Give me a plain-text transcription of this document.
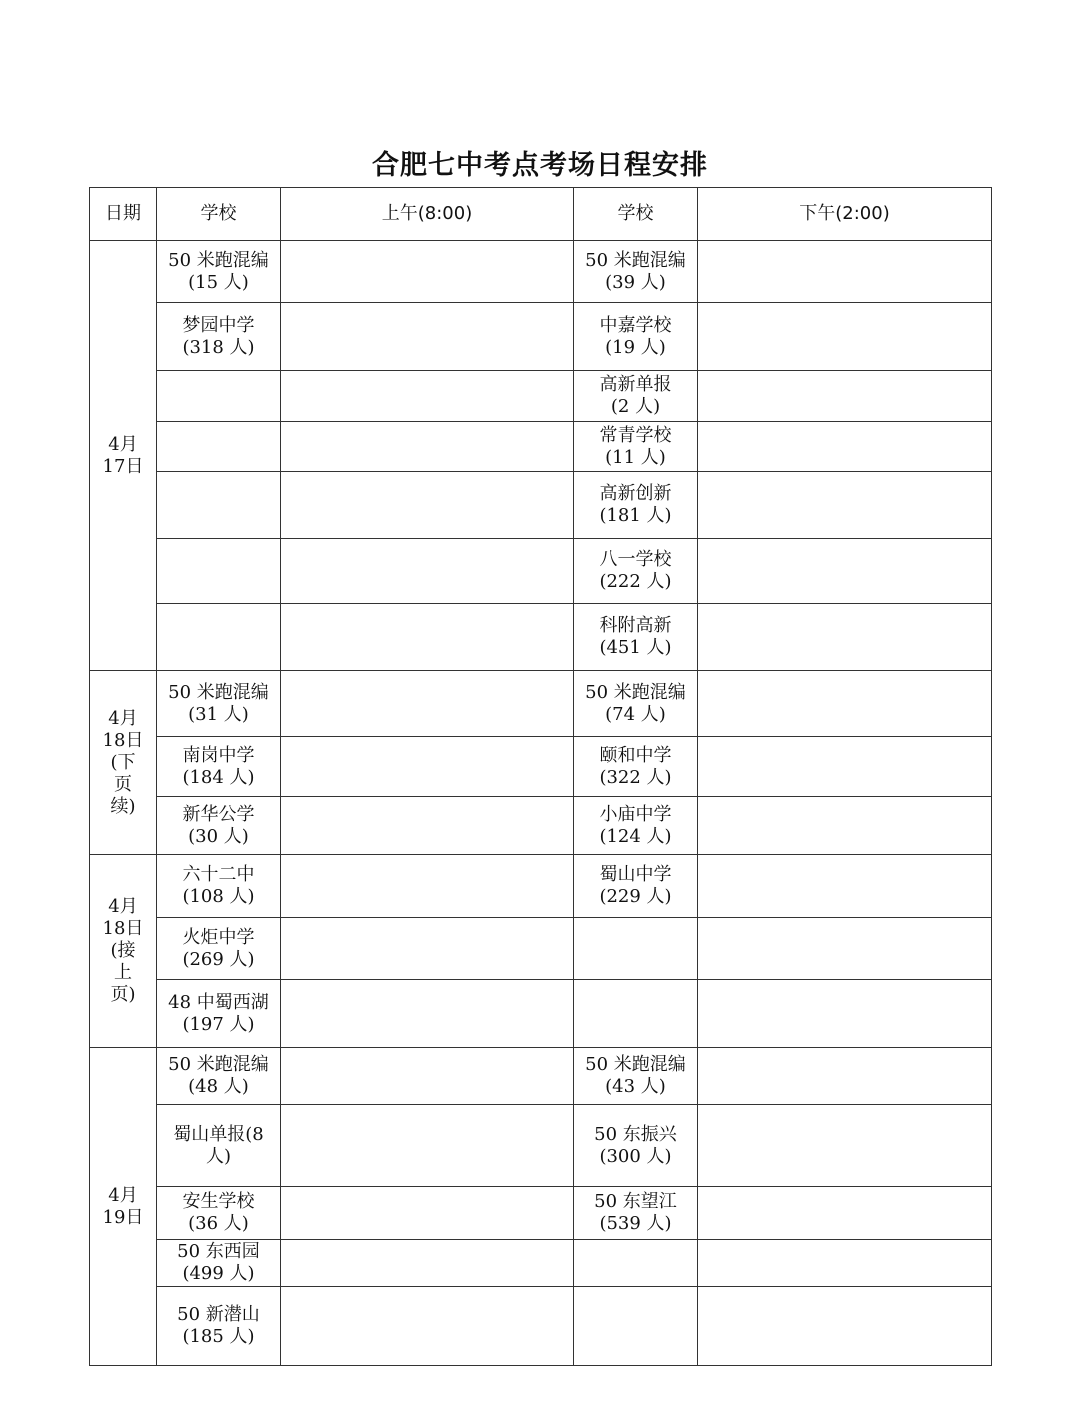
合肥七中考点考场日程安排
日期	学校	上午(8:00)	学校	下午(2:00)

4月
17日	50 米跑混编
(15 人)		50 米跑混编
(39 人)	

	梦园中学
(318 人)		中嘉学校
(19 人)	

			高新单报
(2 人)	

			常青学校
(11 人)	

			高新创新
(181 人)	

			八一学校
(222 人)	

			科附高新
(451 人)	

4月
18日
(下
页
续)	50 米跑混编
(31 人)		50 米跑混编
(74 人)	

	南岗中学
(184 人)		颐和中学
(322 人)	

	新华公学
(30 人)		小庙中学
(124 人)	

4月
18日
(接
上
页)	六十二中
(108 人)		蜀山中学
(229 人)	

	火炬中学
(269 人)			

	48 中蜀西湖
(197 人)			

4月
19日	50 米跑混编
(48 人)		50 米跑混编
(43 人)	

	蜀山单报(8
人)		50 东振兴
(300 人)	

	安生学校
(36 人)		50 东望江
(539 人)	

	50 东西园
(499 人)			

	50 新潜山
(185 人)			
